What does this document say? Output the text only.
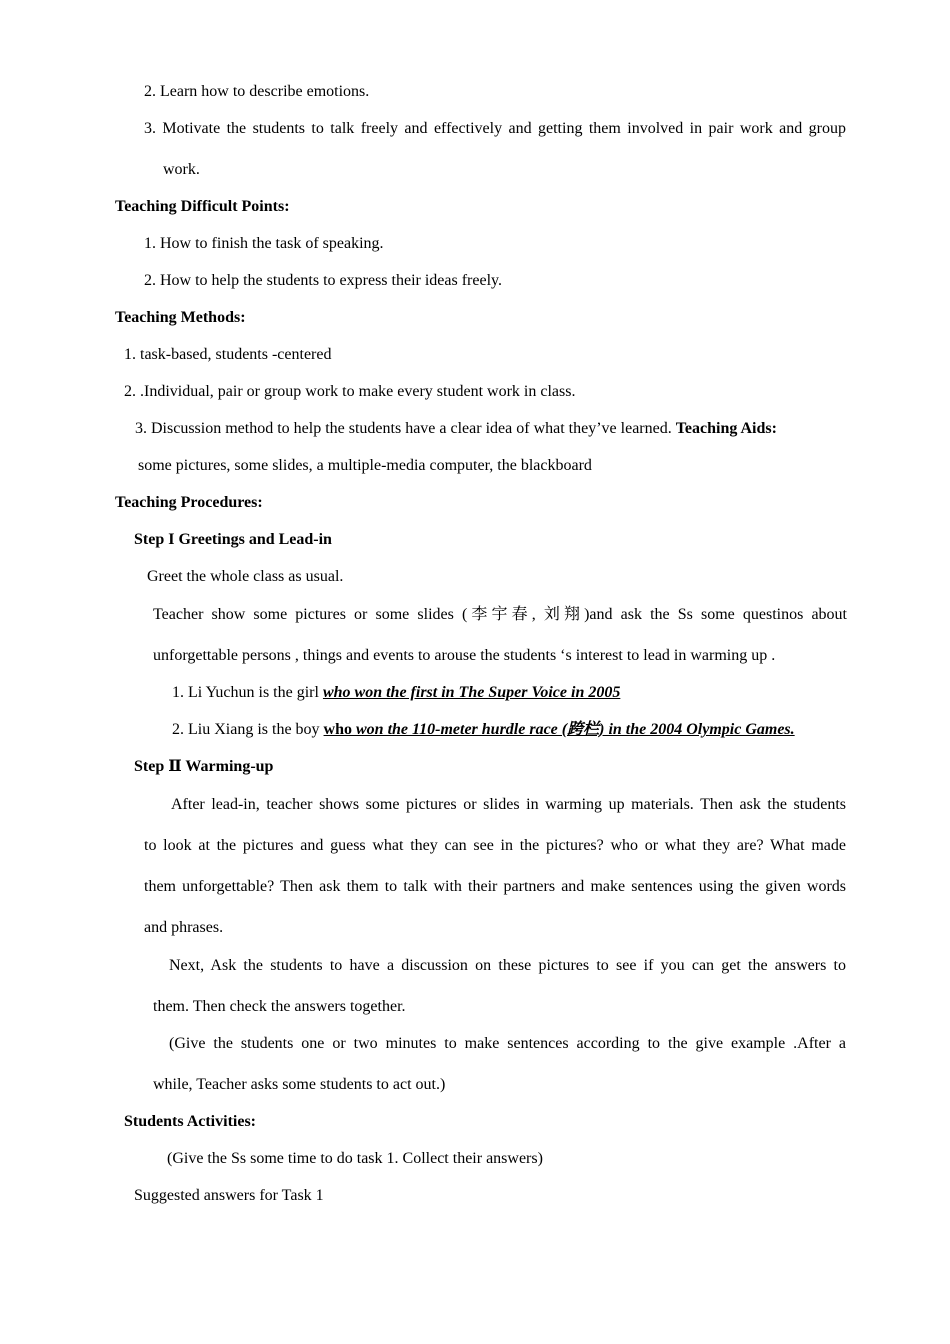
2. Learn how to describe emotions.
3. Motivate the students to talk freely and effectively and getting them involved in pair work and group
work.
Teaching Difficult Points:
1. How to finish the task of speaking.
2. How to help the students to express their ideas freely.
Teaching Methods:
1. task-based, students -centered
2. .Individual, pair or group work to make every student work in class.
3. Discussion method to help the students have a clear idea of what they’ve learned. Teaching Aids:
some pictures, some slides, a multiple-media computer, the blackboard
Teaching Procedures:
Step I Greetings and Lead-in
Greet the whole class as usual.
Teacher show some pictures or some slides (李宇春, 刘翔)and ask the Ss some questinos about
unforgettable persons , things and events to arouse the students ‘s interest to lead in warming up .
1. Li Yuchun is the girl who won the first in The Super Voice in 2005
2. Liu Xiang is the boy who won the 110-meter hurdle race (跨栏) in the 2004 Olympic Games.
Step Ⅱ Warming-up
After lead-in, teacher shows some pictures or slides in warming up materials. Then ask the students
to look at the pictures and guess what they can see in the pictures? who or what they are? What made
them unforgettable? Then ask them to talk with their partners and make sentences using the given words
and phrases.
Next, Ask the students to have a discussion on these pictures to see if you can get the answers to
them. Then check the answers together.
(Give the students one or two minutes to make sentences according to the give example .After a
while, Teacher asks some students to act out.)
Students Activities:
(Give the Ss some time to do task 1. Collect their answers)
Suggested answers for Task 1
